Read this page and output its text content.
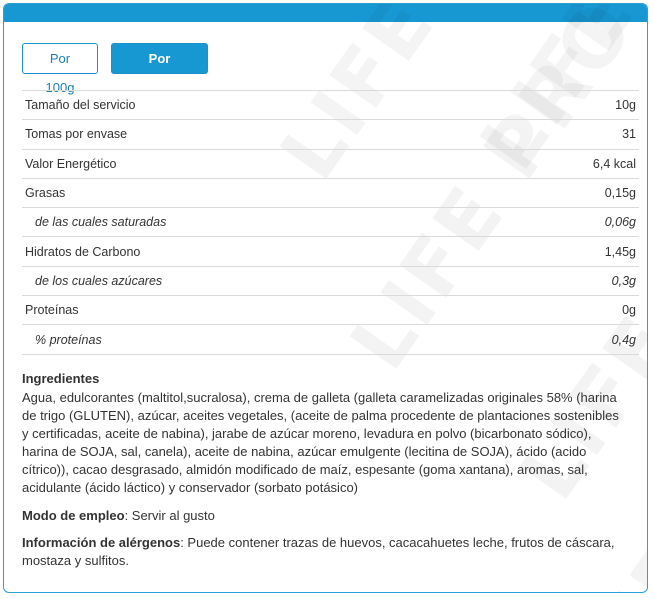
Por 100g
Por servicio
Tamaño del servicio	10g
Tomas por envase	31
Valor Energético	6,4 kcal
Grasas	0,15g
de las cuales saturadas	0,06g
Hidratos de Carbono	1,45g
de los cuales azúcares	0,3g
Proteínas	0g
% proteínas	0,4g
Ingredientes
Agua, edulcorantes (maltitol,sucralosa), crema de galleta (galleta caramelizadas originales 58% (harina de trigo (GLUTEN), azúcar, aceites vegetales, (aceite de palma procedente de plantaciones sostenibles y certificadas, aceite de nabina), jarabe de azúcar moreno, levadura en polvo (bicarbonato sódico), harina de SOJA, sal, canela), aceite de nabina, azúcar emulgente (lecitina de SOJA), ácido (acido cítrico)), cacao desgrasado, almidón modificado de maíz, espesante (goma xantana), aromas, sal, acidulante (ácido láctico) y conservador (sorbato potásico)
Modo de empleo: Servir al gusto
Información de alérgenos: Puede contener trazas de huevos, cacacahuetes leche, frutos de cáscara, mostaza y sulfitos.
